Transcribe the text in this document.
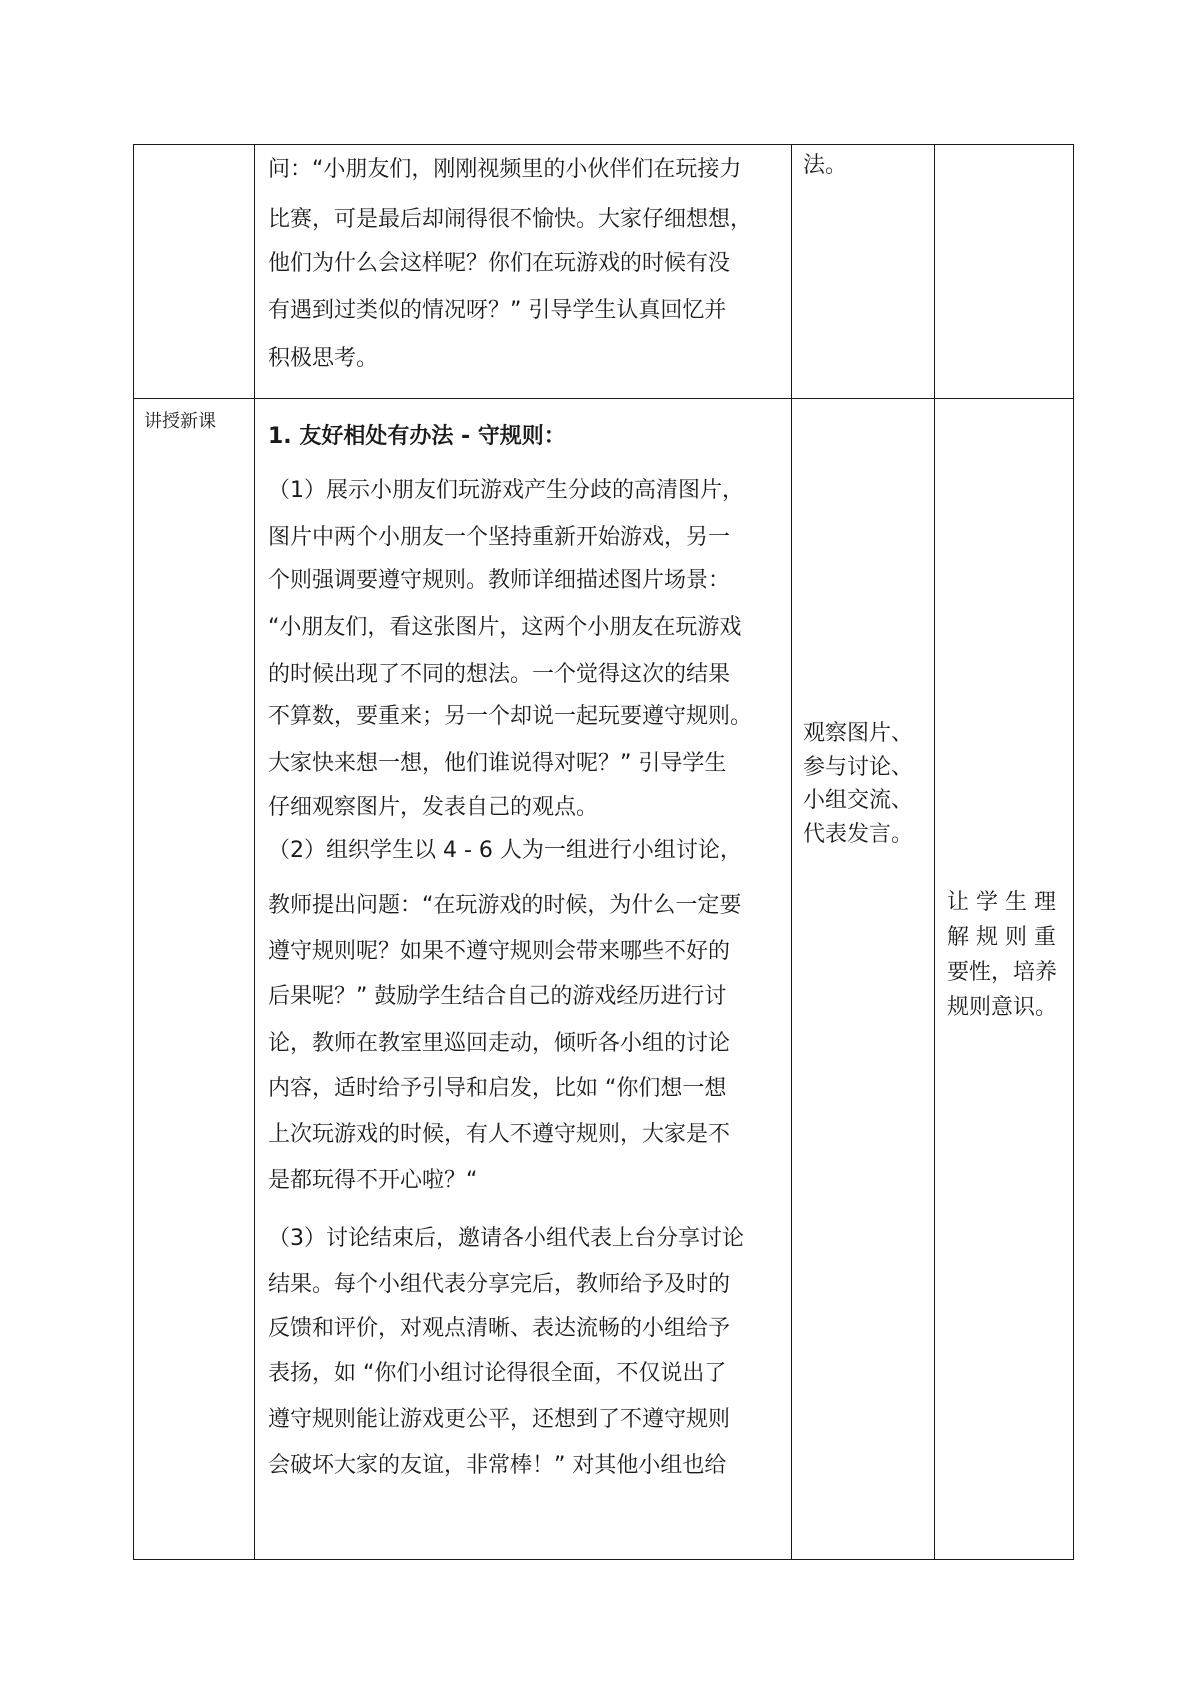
问：“小朋友们，刚刚视频里的小伙伴们在玩接力
比赛，可是最后却闹得很不愉快。大家仔细想想，
他们为什么会这样呢？你们在玩游戏的时候有没
有遇到过类似的情况呀？” 引导学生认真回忆并
积极思考。
法。
讲授新课
1. 友好相处有办法 - 守规则：
（1）展示小朋友们玩游戏产生分歧的高清图片，
图片中两个小朋友一个坚持重新开始游戏，另一
个则强调要遵守规则。教师详细描述图片场景：
“小朋友们，看这张图片，这两个小朋友在玩游戏
的时候出现了不同的想法。一个觉得这次的结果
不算数，要重来；另一个却说一起玩要遵守规则。
大家快来想一想，他们谁说得对呢？” 引导学生
仔细观察图片，发表自己的观点。
（2）组织学生以 4 - 6 人为一组进行小组讨论，
教师提出问题：“在玩游戏的时候，为什么一定要
遵守规则呢？如果不遵守规则会带来哪些不好的
后果呢？” 鼓励学生结合自己的游戏经历进行讨
论，教师在教室里巡回走动，倾听各小组的讨论
内容，适时给予引导和启发，比如 “你们想一想
上次玩游戏的时候，有人不遵守规则，大家是不
是都玩得不开心啦？“
（3）讨论结束后，邀请各小组代表上台分享讨论
结果。每个小组代表分享完后，教师给予及时的
反馈和评价，对观点清晰、表达流畅的小组给予
表扬，如 “你们小组讨论得很全面，不仅说出了
遵守规则能让游戏更公平，还想到了不遵守规则
会破坏大家的友谊，非常棒！” 对其他小组也给
观察图片、
参与讨论、
小组交流、
代表发言。
让 学 生 理
解 规 则 重
要性，培养
规则意识。
